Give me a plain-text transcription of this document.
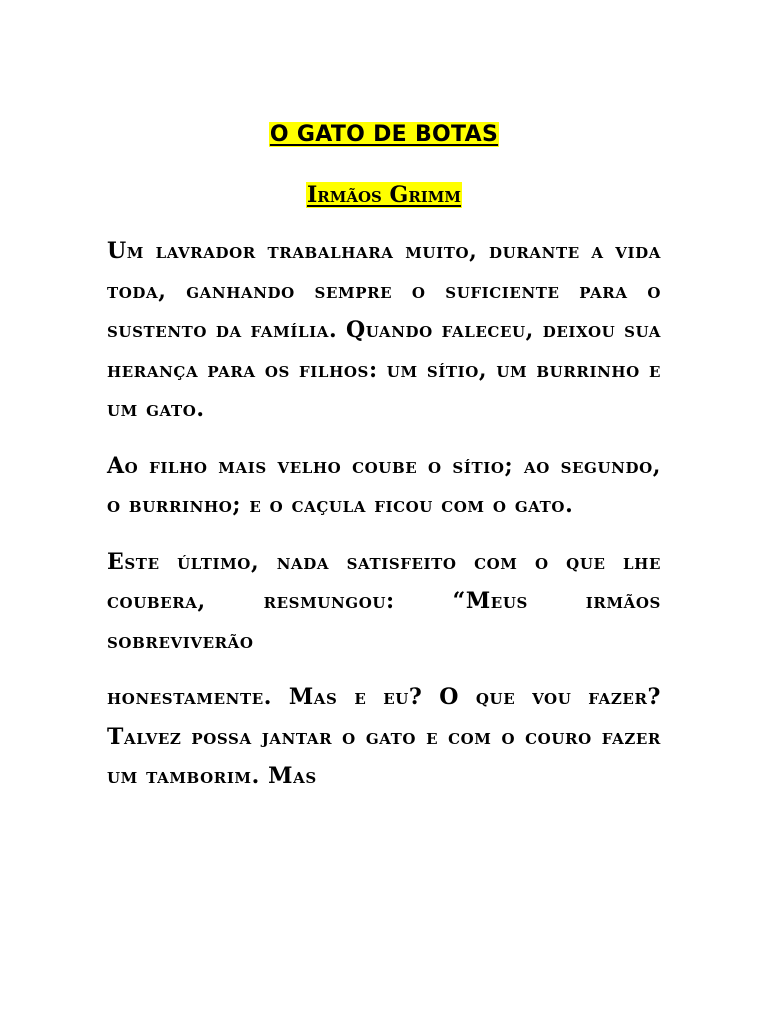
O GATO DE BOTAS
Irmãos Grimm

Um lavrador trabalhara muito, durante a vida toda, ganhando sempre o suficiente para o sustento da família. Quando faleceu, deixou sua herança para os filhos: um sítio, um burrinho e um gato.

Ao filho mais velho coube o sítio; ao segundo, o burrinho; e o caçula ficou com o gato.

Este último, nada satisfeito com o que lhe coubera, resmungou: “Meus irmãos sobreviverão

honestamente. Mas e eu? O que vou fazer? Talvez possa jantar o gato e com o couro fazer um tamborim. Mas
